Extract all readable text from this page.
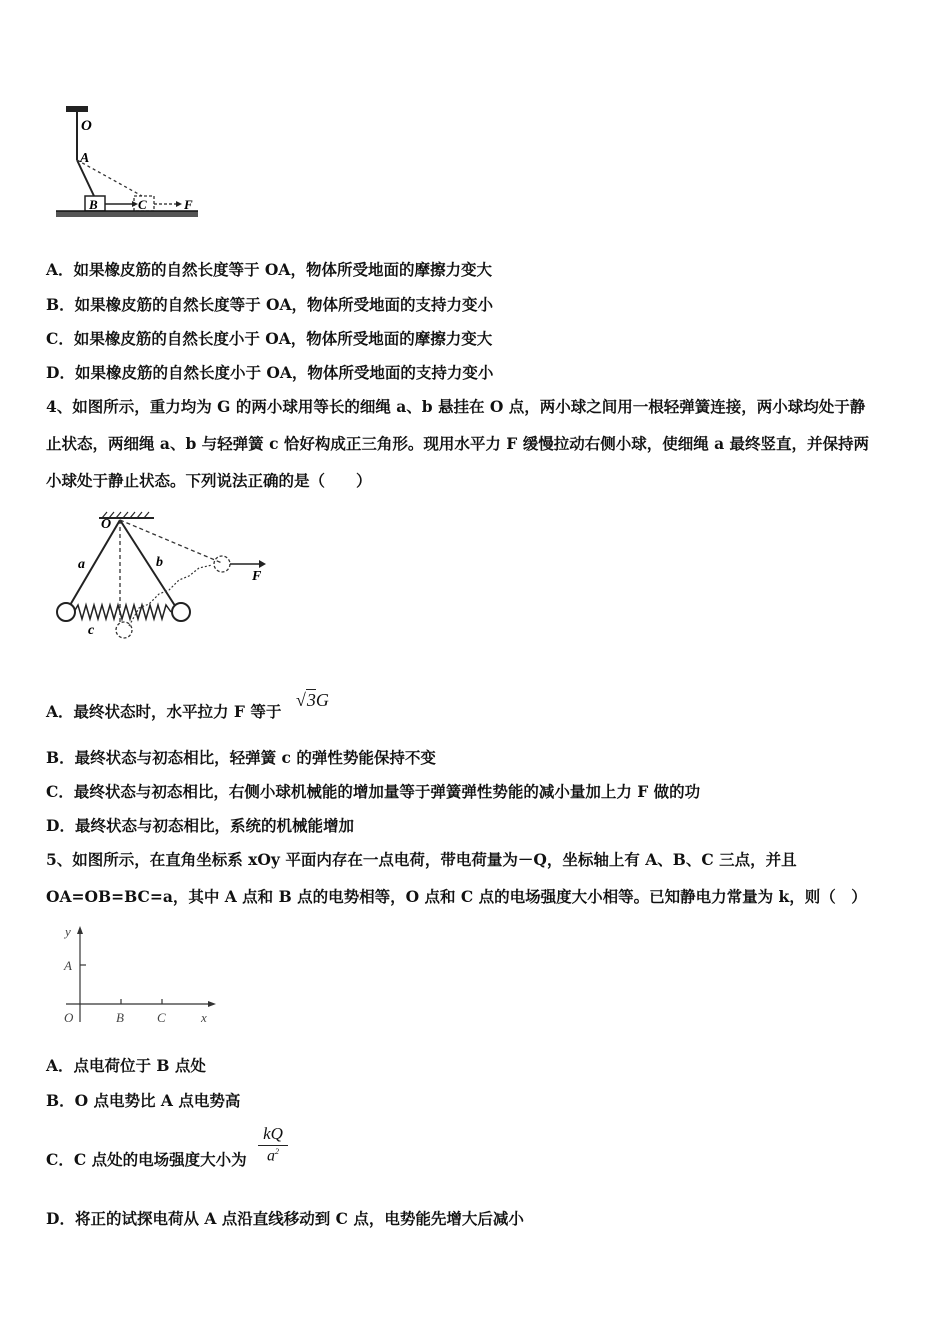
O
A
B	C	F
A．如果橡皮筋的自然长度等于 OA，物体所受地面的摩擦力变大
B．如果橡皮筋的自然长度等于 OA，物体所受地面的支持力变小
C．如果橡皮筋的自然长度小于 OA，物体所受地面的摩擦力变大
D．如果橡皮筋的自然长度小于 OA，物体所受地面的支持力变小
4、如图所示，重力均为 G 的两小球用等长的细绳 a、b 悬挂在 O 点，两小球之间用一根轻弹簧连接，两小球均处于静
止状态，两细绳 a、b 与轻弹簧 c 恰好构成正三角形。现用水平力 F 缓慢拉动右侧小球，使细绳 a 最终竖直，并保持两
小球处于静止状态。下列说法正确的是（　　）
O
a	b
c
F
A．最终状态时，水平拉力 F 等于
√3G
B．最终状态与初态相比，轻弹簧 c 的弹性势能保持不变
C．最终状态与初态相比，右侧小球机械能的增加量等于弹簧弹性势能的减小量加上力 F 做的功
D．最终状态与初态相比，系统的机械能增加
5、如图所示，在直角坐标系 xOy 平面内存在一点电荷，带电荷量为－Q，坐标轴上有 A、B、C 三点，并且
OA=OB=BC=a，其中 A 点和 B 点的电势相等，O 点和 C 点的电场强度大小相等。已知静电力常量为 k，则（　）
y
A
O	B	C	x
A．点电荷位于 B 点处
B．O 点电势比 A 点电势高
C．C 点处的电场强度大小为
kQ
$a^2$
D．将正的试探电荷从 A 点沿直线移动到 C 点，电势能先增大后减小
